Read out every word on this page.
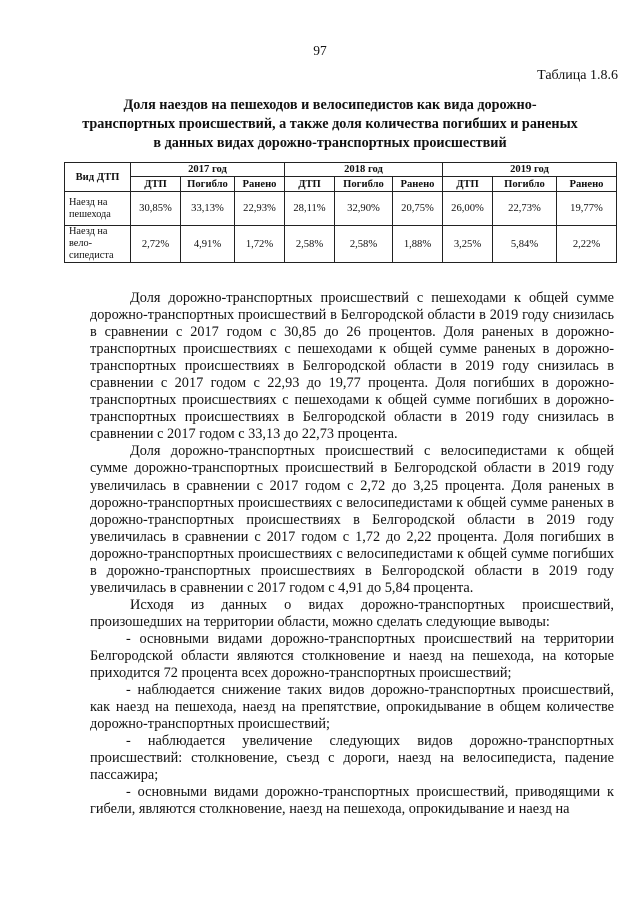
97
Таблица 1.8.6
Доля наездов на пешеходов и велосипедистов как вида дорожно-транспортных происшествий, а также доля количества погибших и раненых в данных видах дорожно-транспортных происшествий
Вид ДТП	2017 год			2018 год			2019 год		
	ДТП	Погибло	Ранено	ДТП	Погибло	Ранено	ДТП	Погибло	Ранено
Наезд на пешехода	30,85%	33,13%	22,93%	28,11%	32,90%	20,75%	26,00%	22,73%	19,77%
Наезд на вело-сипедиста	2,72%	4,91%	1,72%	2,58%	2,58%	1,88%	3,25%	5,84%	2,22%

Доля дорожно-транспортных происшествий с пешеходами к общей сумме дорожно-транспортных происшествий в Белгородской области в 2019 году снизилась в сравнении с 2017 годом с 30,85 до 26 процентов. Доля раненых в дорожно-транспортных происшествиях с пешеходами к общей сумме раненых в дорожно-транспортных происшествиях в Белгородской области в 2019 году снизилась в сравнении с 2017 годом с 22,93 до 19,77 процента. Доля погибших в дорожно-транспортных происшествиях с пешеходами к общей сумме погибших в дорожно-транспортных происшествиях в Белгородской области в 2019 году снизилась в сравнении с 2017 годом с 33,13 до 22,73 процента.

Доля дорожно-транспортных происшествий с велосипедистами к общей сумме дорожно-транспортных происшествий в Белгородской области в 2019 году увеличилась в сравнении с 2017 годом с 2,72 до 3,25 процента. Доля раненых в дорожно-транспортных происшествиях с велосипедистами к общей сумме раненых в дорожно-транспортных происшествиях в Белгородской области в 2019 году увеличилась в сравнении с 2017 годом с 1,72 до 2,22 процента. Доля погибших в дорожно-транспортных происшествиях с велосипедистами к общей сумме погибших в дорожно-транспортных происшествиях в Белгородской области в 2019 году увеличилась в сравнении с 2017 годом с 4,91 до 5,84 процента.

Исходя из данных о видах дорожно-транспортных происшествий, произошедших на территории области, можно сделать следующие выводы:

- основными видами дорожно-транспортных происшествий на территории Белгородской области являются столкновение и наезд на пешехода, на которые приходится 72 процента всех дорожно-транспортных происшествий;

- наблюдается снижение таких видов дорожно-транспортных происшествий, как наезд на пешехода, наезд на препятствие, опрокидывание в общем количестве дорожно-транспортных происшествий;

- наблюдается увеличение следующих видов дорожно-транспортных происшествий: столкновение, съезд с дороги, наезд на велосипедиста, падение пассажира;

- основными видами дорожно-транспортных происшествий, приводящими к гибели, являются столкновение, наезд на пешехода, опрокидывание и наезд на
